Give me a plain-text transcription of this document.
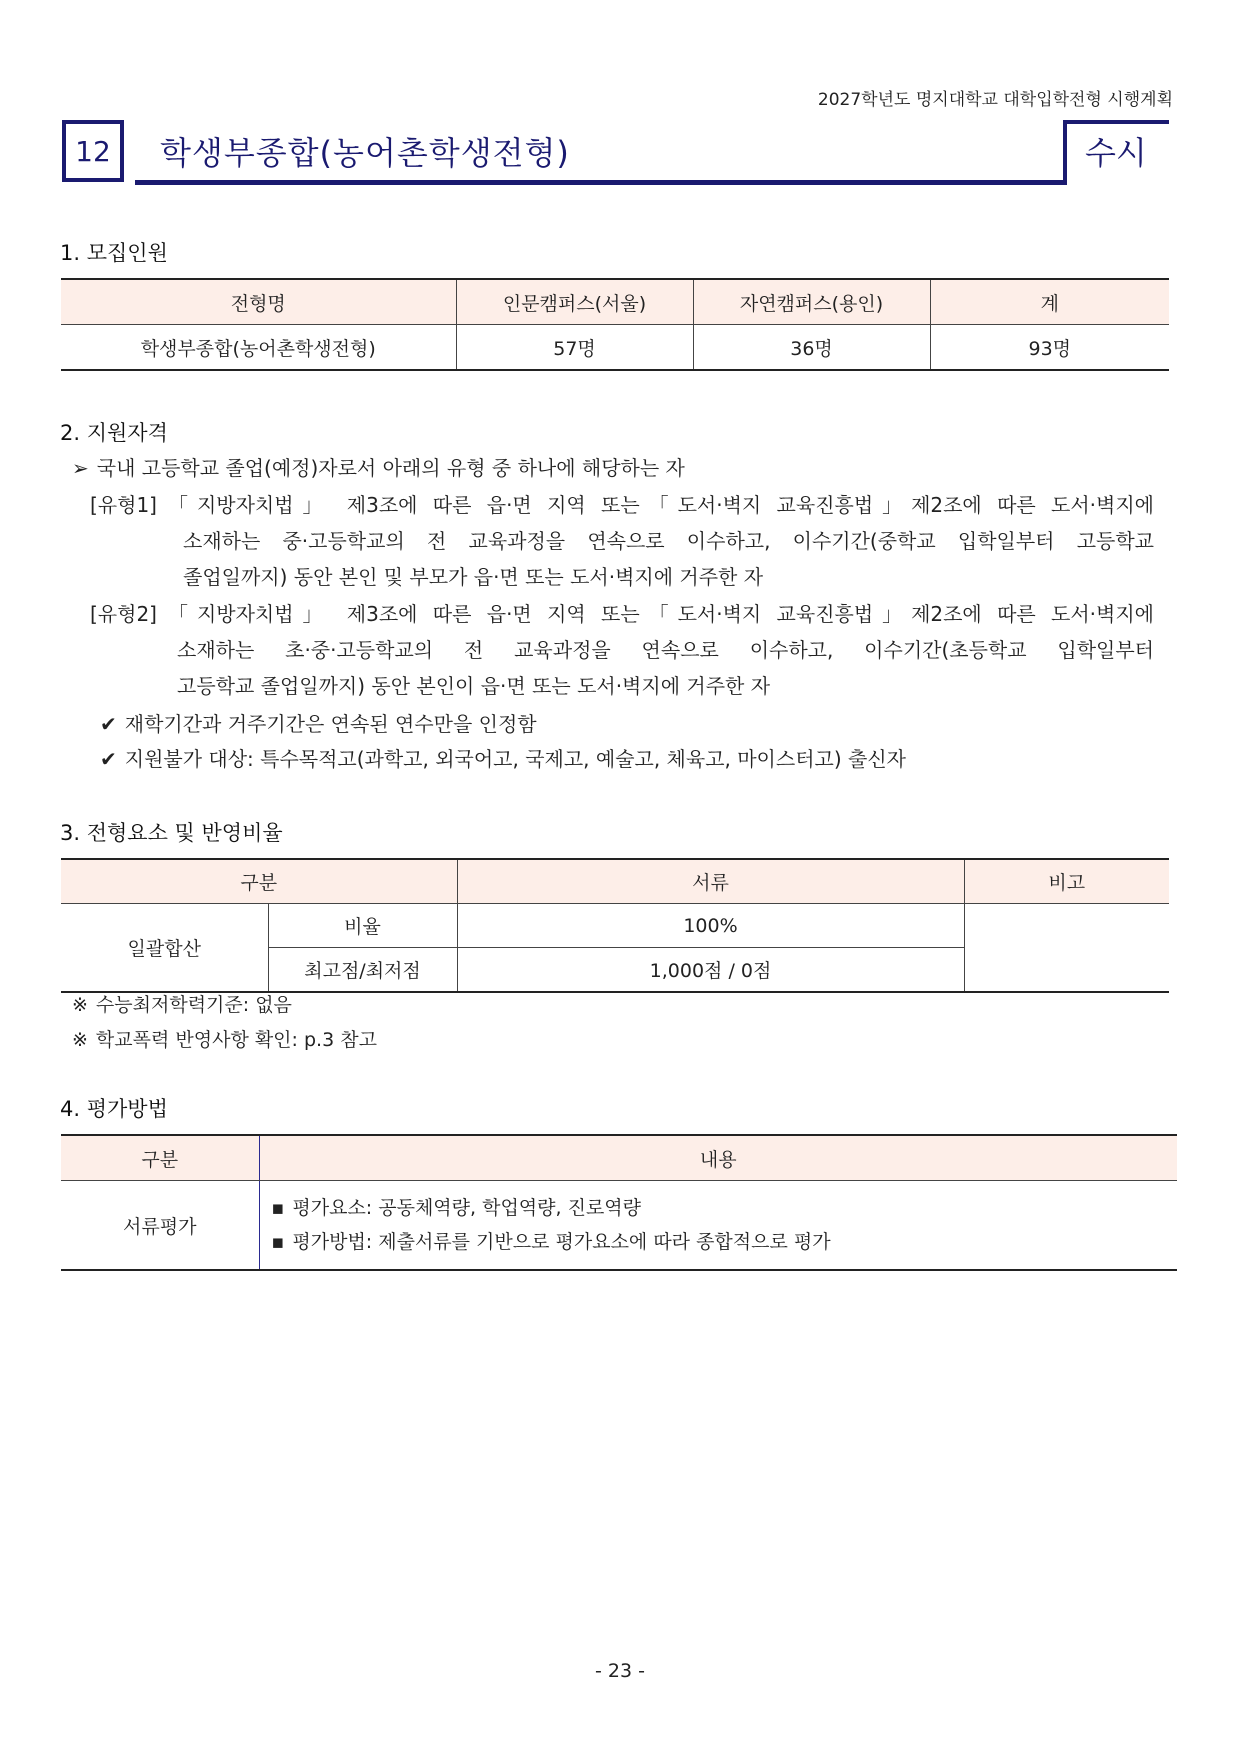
2027학년도 명지대학교 대학입학전형 시행계획
12 학생부종합(농어촌학생전형)	수시
1. 모집인원
전형명	인문캠퍼스(서울)	자연캠퍼스(용인)	계
학생부종합(농어촌학생전형)	57명	36명	93명
2. 지원자격
➢ 국내 고등학교 졸업(예정)자로서 아래의 유형 중 하나에 해당하는 자
[유형1] 「지방자치법」 제3조에 따른 읍·면 지역 또는「도서·벽지 교육진흥법」제2조에 따른 도서·벽지에
소재하는 중·고등학교의 전 교육과정을 연속으로 이수하고, 이수기간(중학교 입학일부터 고등학교
졸업일까지) 동안 본인 및 부모가 읍·면 또는 도서·벽지에 거주한 자
[유형2] 「지방자치법」 제3조에 따른 읍·면 지역 또는「도서·벽지 교육진흥법」제2조에 따른 도서·벽지에
소재하는 초·중·고등학교의 전 교육과정을 연속으로 이수하고, 이수기간(초등학교 입학일부터
고등학교 졸업일까지) 동안 본인이 읍·면 또는 도서·벽지에 거주한 자
✔ 재학기간과 거주기간은 연속된 연수만을 인정함
✔ 지원불가 대상: 특수목적고(과학고, 외국어고, 국제고, 예술고, 체육고, 마이스터고) 출신자
3. 전형요소 및 반영비율
구분		서류	비고
일괄합산	비율	100%	
	최고점/최저점	1,000점 / 0점	
※ 수능최저학력기준: 없음
※ 학교폭력 반영사항 확인: p.3 참고
4. 평가방법
구분	내용
서류평가	▪ 평가요소: 공동체역량, 학업역량, 진로역량
▪ 평가방법: 제출서류를 기반으로 평가요소에 따라 종합적으로 평가
- 23 -
